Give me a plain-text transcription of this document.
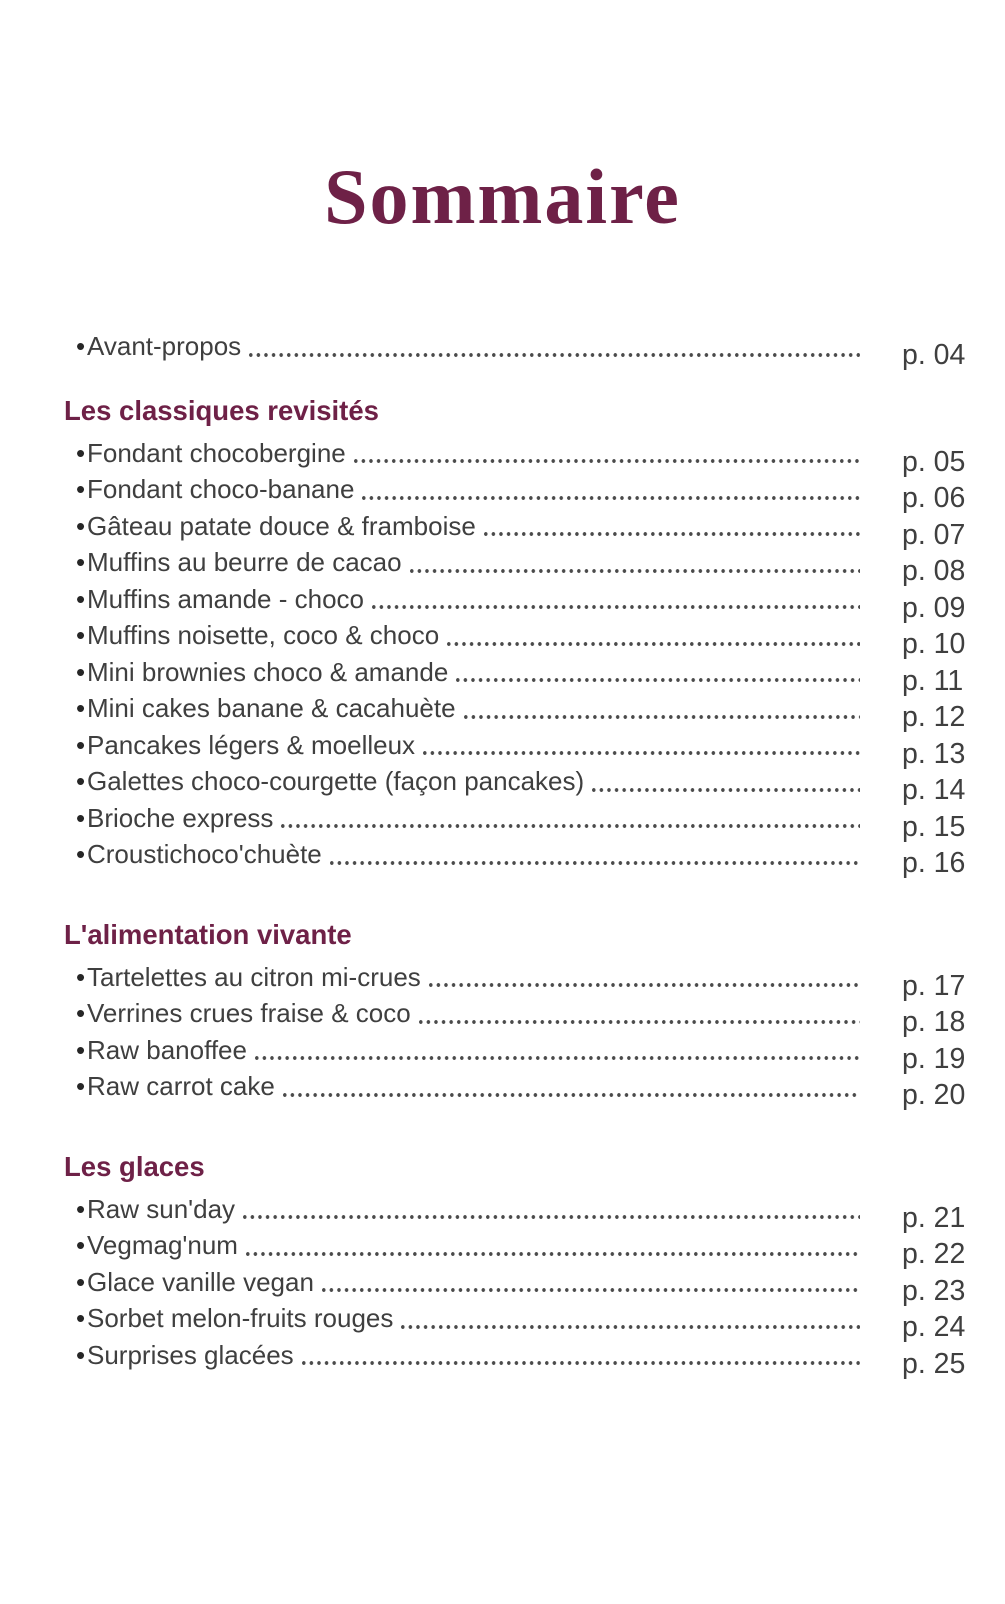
Sommaire
• Avant-propos	p. 04
Les classiques revisités
• Fondant chocobergine	p. 05
• Fondant choco-banane	p. 06
• Gâteau patate douce & framboise	p. 07
• Muffins au beurre de cacao	p. 08
• Muffins amande - choco	p. 09
• Muffins noisette, coco & choco	p. 10
• Mini brownies choco & amande	p. 11
• Mini cakes banane & cacahuète	p. 12
• Pancakes légers & moelleux	p. 13
• Galettes choco-courgette (façon pancakes)	p. 14
• Brioche express	p. 15
• Croustichoco'chuète	p. 16
L'alimentation vivante
• Tartelettes au citron mi-crues	p. 17
• Verrines crues fraise & coco	p. 18
• Raw banoffee	p. 19
• Raw carrot cake	p. 20
Les glaces
• Raw sun'day	p. 21
• Vegmag'num	p. 22
• Glace vanille vegan	p. 23
• Sorbet melon-fruits rouges	p. 24
• Surprises glacées	p. 25
